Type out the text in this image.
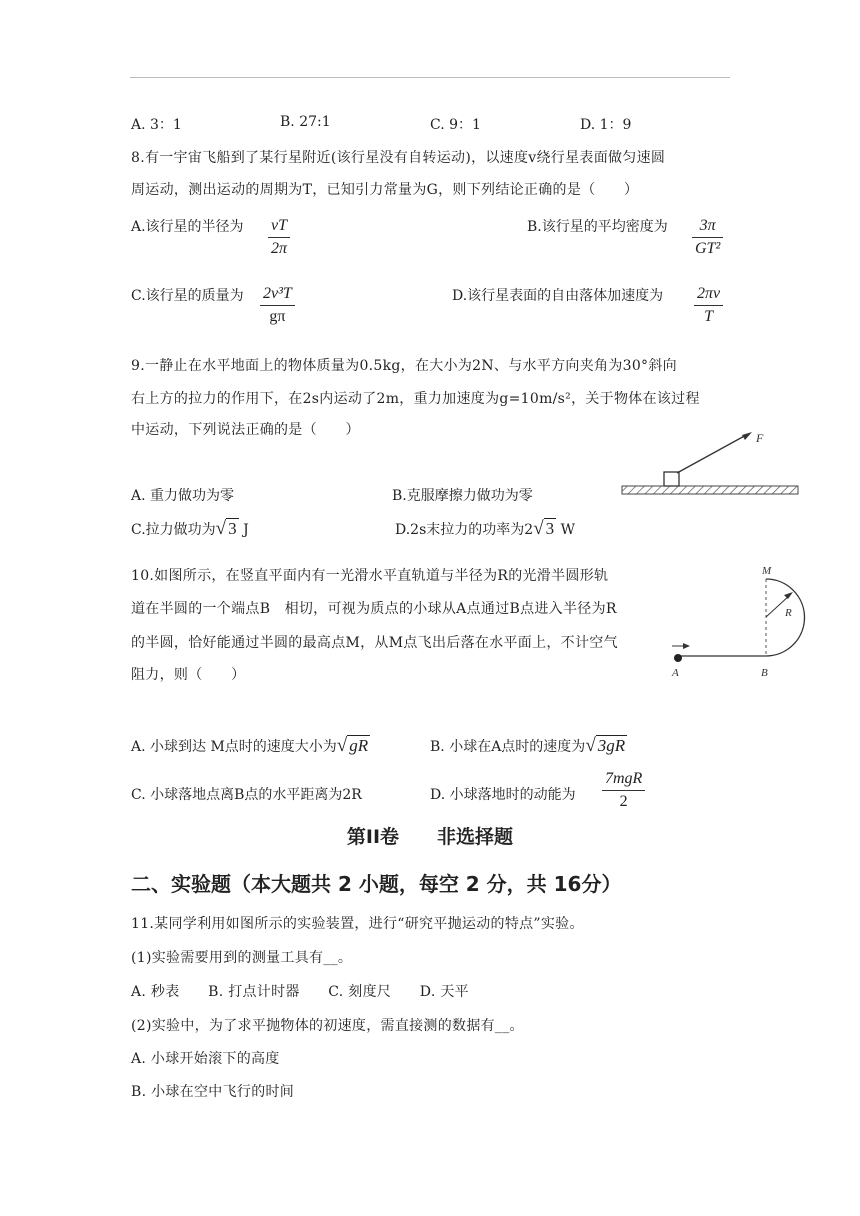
A. 3：1	B. 27:1	C. 9：1	D. 1：9
8.有一宇宙飞船到了某行星附近(该行星没有自转运动)，以速度v绕行星表面做匀速圆
周运动，测出运动的周期为T，已知引力常量为G，则下列结论正确的是（　　）
A.该行星的半径为 $\frac{vT}{2\pi}$	B.该行星的平均密度为 $\frac{3\pi}{\text{GT²}}$
C.该行星的质量为 $\frac{\text{2v³T}}{g\pi}$	D.该行星表面的自由落体加速度为 $\frac{2\pi v}{T}$
9.一静止在水平地面上的物体质量为0.5kg，在大小为2N、与水平方向夹角为30°斜向
右上方的拉力的作用下，在2s内运动了2m，重力加速度为g=10m/s²，关于物体在该过程
中运动，下列说法正确的是（　　）	F
A. 重力做功为零	B.克服摩擦力做功为零
C.拉力做功为√ 3 J	D.2s末拉力的功率为2√ 3 W
10.如图所示，在竖直平面内有一光滑水平直轨道与半径为R的光滑半圆形轨
道在半圆的一个端点B　相切，可视为质点的小球从A点通过B点进入半径为R
的半圆，恰好能通过半圆的最高点M，从M点飞出后落在水平面上，不计空气
阻力，则（　　）
M
R
A	B
A. 小球到达 M点时的速度大小为√ gR	B. 小球在A点时的速度为√ 3gR
C. 小球落地点离B点的水平距离为2R	D. 小球落地时的动能为
7mgR
2
第II卷　　非选择题
二、实验题（本大题共 2 小题，每空 2 分，共 16分）
11.某同学利用如图所示的实验装置，进行“研究平抛运动的特点”实验。
(1)实验需要用到的测量工具有__。
A. 秒表　　B. 打点计时器　　C. 刻度尺　　D. 天平
(2)实验中，为了求平抛物体的初速度，需直接测的数据有__。
A. 小球开始滚下的高度
B. 小球在空中飞行的时间
